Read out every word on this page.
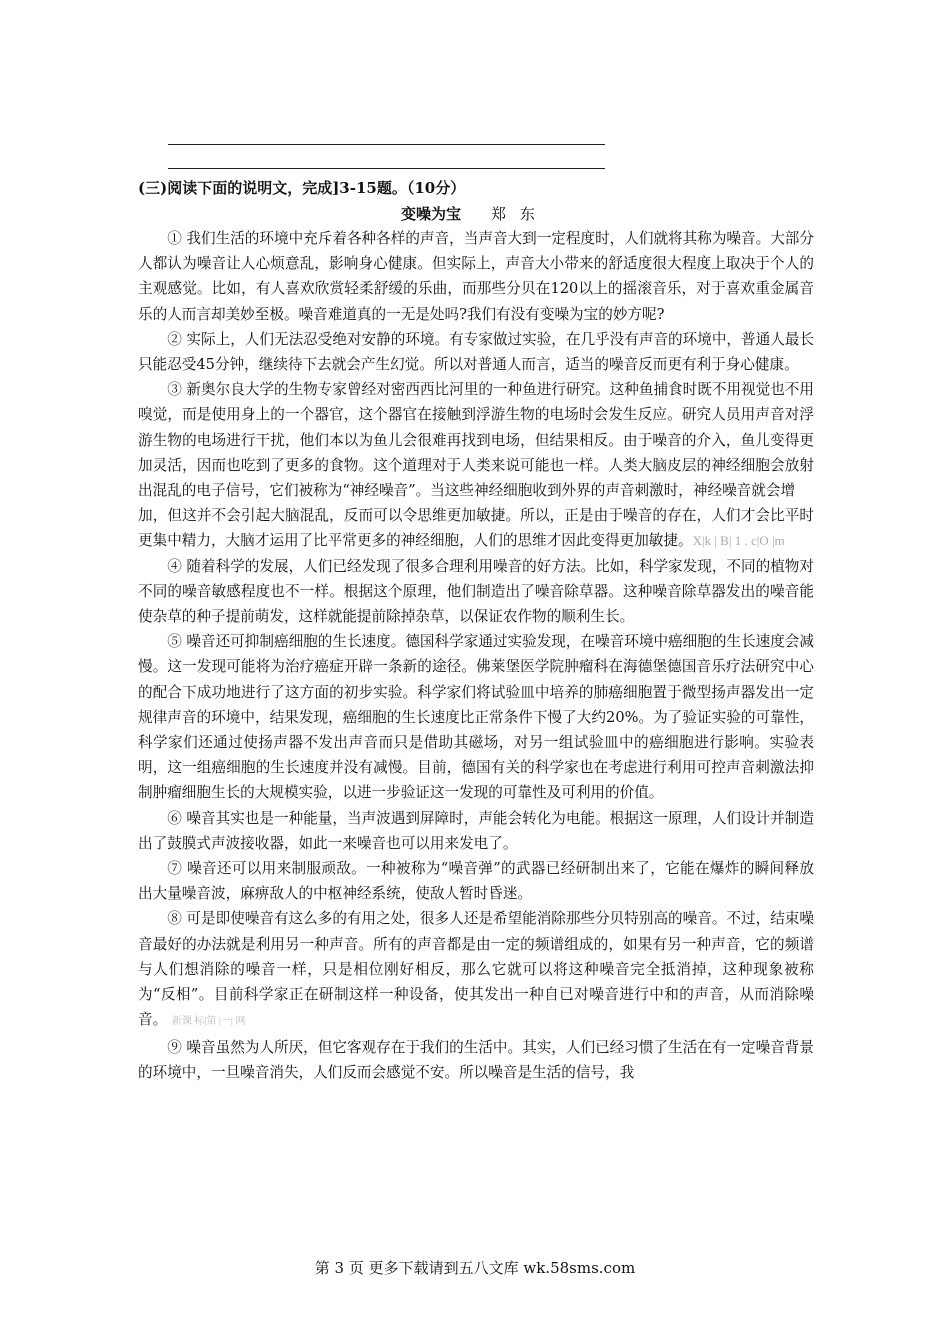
(三)阅读下面的说明文，完成]3-15题。（10分）
变噪为宝 郑东

① 我们生活的环境中充斥着各种各样的声音，当声音大到一定程度时，人们就将其称为噪音。大部分人都认为噪音让人心烦意乱，影响身心健康。但实际上，声音大小带来的舒适度很大程度上取决于个人的主观感觉。比如，有人喜欢欣赏轻柔舒缓的乐曲，而那些分贝在120以上的摇滚音乐，对于喜欢重金属音乐的人而言却美妙至极。噪音难道真的一无是处吗?我们有没有变噪为宝的妙方呢?

② 实际上，人们无法忍受绝对安静的环境。有专家做过实验，在几乎没有声音的环境中，普通人最长只能忍受45分钟，继续待下去就会产生幻觉。所以对普通人而言，适当的噪音反而更有利于身心健康。

③ 新奥尔良大学的生物专家曾经对密西西比河里的一种鱼进行研究。这种鱼捕食时既不用视觉也不用嗅觉，而是使用身上的一个器官，这个器官在接触到浮游生物的电场时会发生反应。研究人员用声音对浮游生物的电场进行干扰，他们本以为鱼儿会很难再找到电场，但结果相反。由于噪音的介入，鱼儿变得更加灵活，因而也吃到了更多的食物。这个道理对于人类来说可能也一样。人类大脑皮层的神经细胞会放射出混乱的电子信号，它们被称为“神经噪音”。当这些神经细胞收到外界的声音刺激时，神经噪音就会增

加，但这并不会引起大脑混乱，反而可以令思维更加敏捷。所以，正是由于噪音的存在，人们才会比平时更集中精力，大脑才运用了比平常更多的神经细胞，人们的思维才因此变得更加敏捷。X|k | B| 1 . c|O |m

④ 随着科学的发展，人们已经发现了很多合理利用噪音的好方法。比如，科学家发现，不同的植物对不同的噪音敏感程度也不一样。根据这个原理，他们制造出了噪音除草器。这种噪音除草器发出的噪音能使杂草的种子提前萌发，这样就能提前除掉杂草，以保证农作物的顺利生长。

⑤ 噪音还可抑制癌细胞的生长速度。德国科学家通过实验发现，在噪音环境中癌细胞的生长速度会减慢。这一发现可能将为治疗癌症开辟一条新的途径。佛莱堡医学院肿瘤科在海德堡德国音乐疗法研究中心的配合下成功地进行了这方面的初步实验。科学家们将试验皿中培养的肺癌细胞置于微型扬声器发出一定规律声音的环境中，结果发现，癌细胞的生长速度比正常条件下慢了大约20%。为了验证实验的可靠性，科学家们还通过使扬声器不发出声音而只是借助其磁场，对另一组试验皿中的癌细胞进行影响。实验表明，这一组癌细胞的生长速度并没有减慢。目前，德国有关的科学家也在考虑进行利用可控声音刺激法抑制肿瘤细胞生长的大规模实验，以进一步验证这一发现的可靠性及可利用的价值。

⑥ 噪音其实也是一种能量，当声波遇到屏障时，声能会转化为电能。根据这一原理，人们设计并制造出了鼓膜式声波接收器，如此一来噪音也可以用来发电了。

⑦ 噪音还可以用来制服顽敌。一种被称为“噪音弹”的武器已经研制出来了，它能在爆炸的瞬间释放出大量噪音波，麻痹敌人的中枢神经系统，使敌人暂时昏迷。

⑧ 可是即使噪音有这么多的有用之处，很多人还是希望能消除那些分贝特别高的噪音。不过，结束噪音最好的办法就是利用另一种声音。所有的声音都是由一定的频谱组成的，如果有另一种声音，它的频谱与人们想消除的噪音一样，只是相位刚好相反，那么它就可以将这种噪音完全抵消掉，这种现象被称为“反相”。目前科学家正在研制这样一种设备，使其发出一种自已对噪音进行中和的声音，从而消除噪音。 新课 标|第 |一| 网

⑨ 噪音虽然为人所厌，但它客观存在于我们的生活中。其实，人们已经习惯了生活在有一定噪音背景的环境中，一旦噪音消失，人们反而会感觉不安。所以噪音是生活的信号，我

第 3 页 更多下载请到五八文库 wk.58sms.com
